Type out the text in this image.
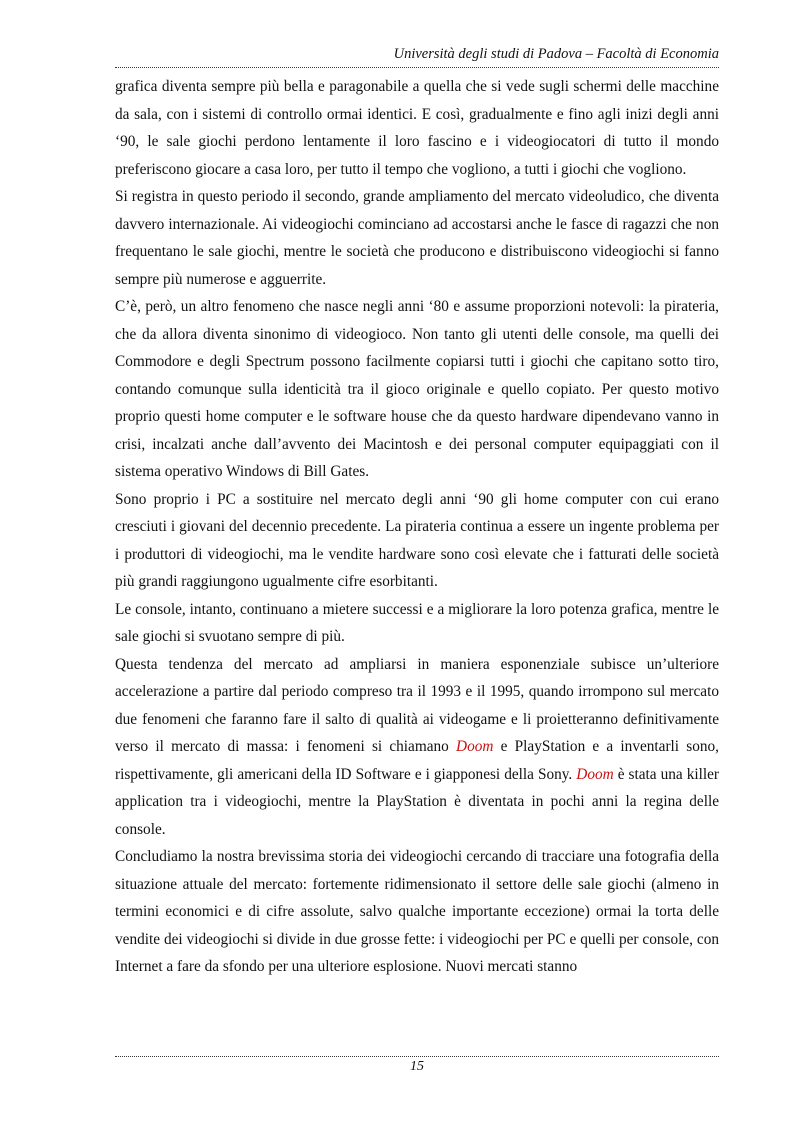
Università degli studi di Padova – Facoltà di Economia

grafica diventa sempre più bella e paragonabile a quella che si vede sugli schermi delle macchine da sala, con i sistemi di controllo ormai identici. E così, gradualmente e fino agli inizi degli anni ‘90, le sale giochi perdono lentamente il loro fascino e i videogiocatori di tutto il mondo preferiscono giocare a casa loro, per tutto il tempo che vogliono, a tutti i giochi che vogliono.

Si registra in questo periodo il secondo, grande ampliamento del mercato videoludico, che diventa davvero internazionale. Ai videogiochi cominciano ad accostarsi anche le fasce di ragazzi che non frequentano le sale giochi, mentre le società che producono e distribuiscono videogiochi si fanno sempre più numerose e agguerrite.

C’è, però, un altro fenomeno che nasce negli anni ‘80 e assume proporzioni notevoli: la pirateria, che da allora diventa sinonimo di videogioco. Non tanto gli utenti delle console, ma quelli dei Commodore e degli Spectrum possono facilmente copiarsi tutti i giochi che capitano sotto tiro, contando comunque sulla identicità tra il gioco originale e quello copiato. Per questo motivo proprio questi home computer e le software house che da questo hardware dipendevano vanno in crisi, incalzati anche dall’avvento dei Macintosh e dei personal computer equipaggiati con il sistema operativo Windows di Bill Gates.

Sono proprio i PC a sostituire nel mercato degli anni ‘90 gli home computer con cui erano cresciuti i giovani del decennio precedente. La pirateria continua a essere un ingente problema per i produttori di videogiochi, ma le vendite hardware sono così elevate che i fatturati delle società più grandi raggiungono ugualmente cifre esorbitanti.

Le console, intanto, continuano a mietere successi e a migliorare la loro potenza grafica, mentre le sale giochi si svuotano sempre di più.

Questa tendenza del mercato ad ampliarsi in maniera esponenziale subisce un’ulteriore accelerazione a partire dal periodo compreso tra il 1993 e il 1995, quando irrompono sul mercato due fenomeni che faranno fare il salto di qualità ai videogame e li proietteranno definitivamente verso il mercato di massa: i fenomeni si chiamano Doom e PlayStation e a inventarli sono, rispettivamente, gli americani della ID Software e i giapponesi della Sony. Doom è stata una killer application tra i videogiochi, mentre la PlayStation è diventata in pochi anni la regina delle console.

Concludiamo la nostra brevissima storia dei videogiochi cercando di tracciare una fotografia della situazione attuale del mercato: fortemente ridimensionato il settore delle sale giochi (almeno in termini economici e di cifre assolute, salvo qualche importante eccezione) ormai la torta delle vendite dei videogiochi si divide in due grosse fette: i videogiochi per PC e quelli per console, con Internet a fare da sfondo per una ulteriore esplosione. Nuovi mercati stanno

15
